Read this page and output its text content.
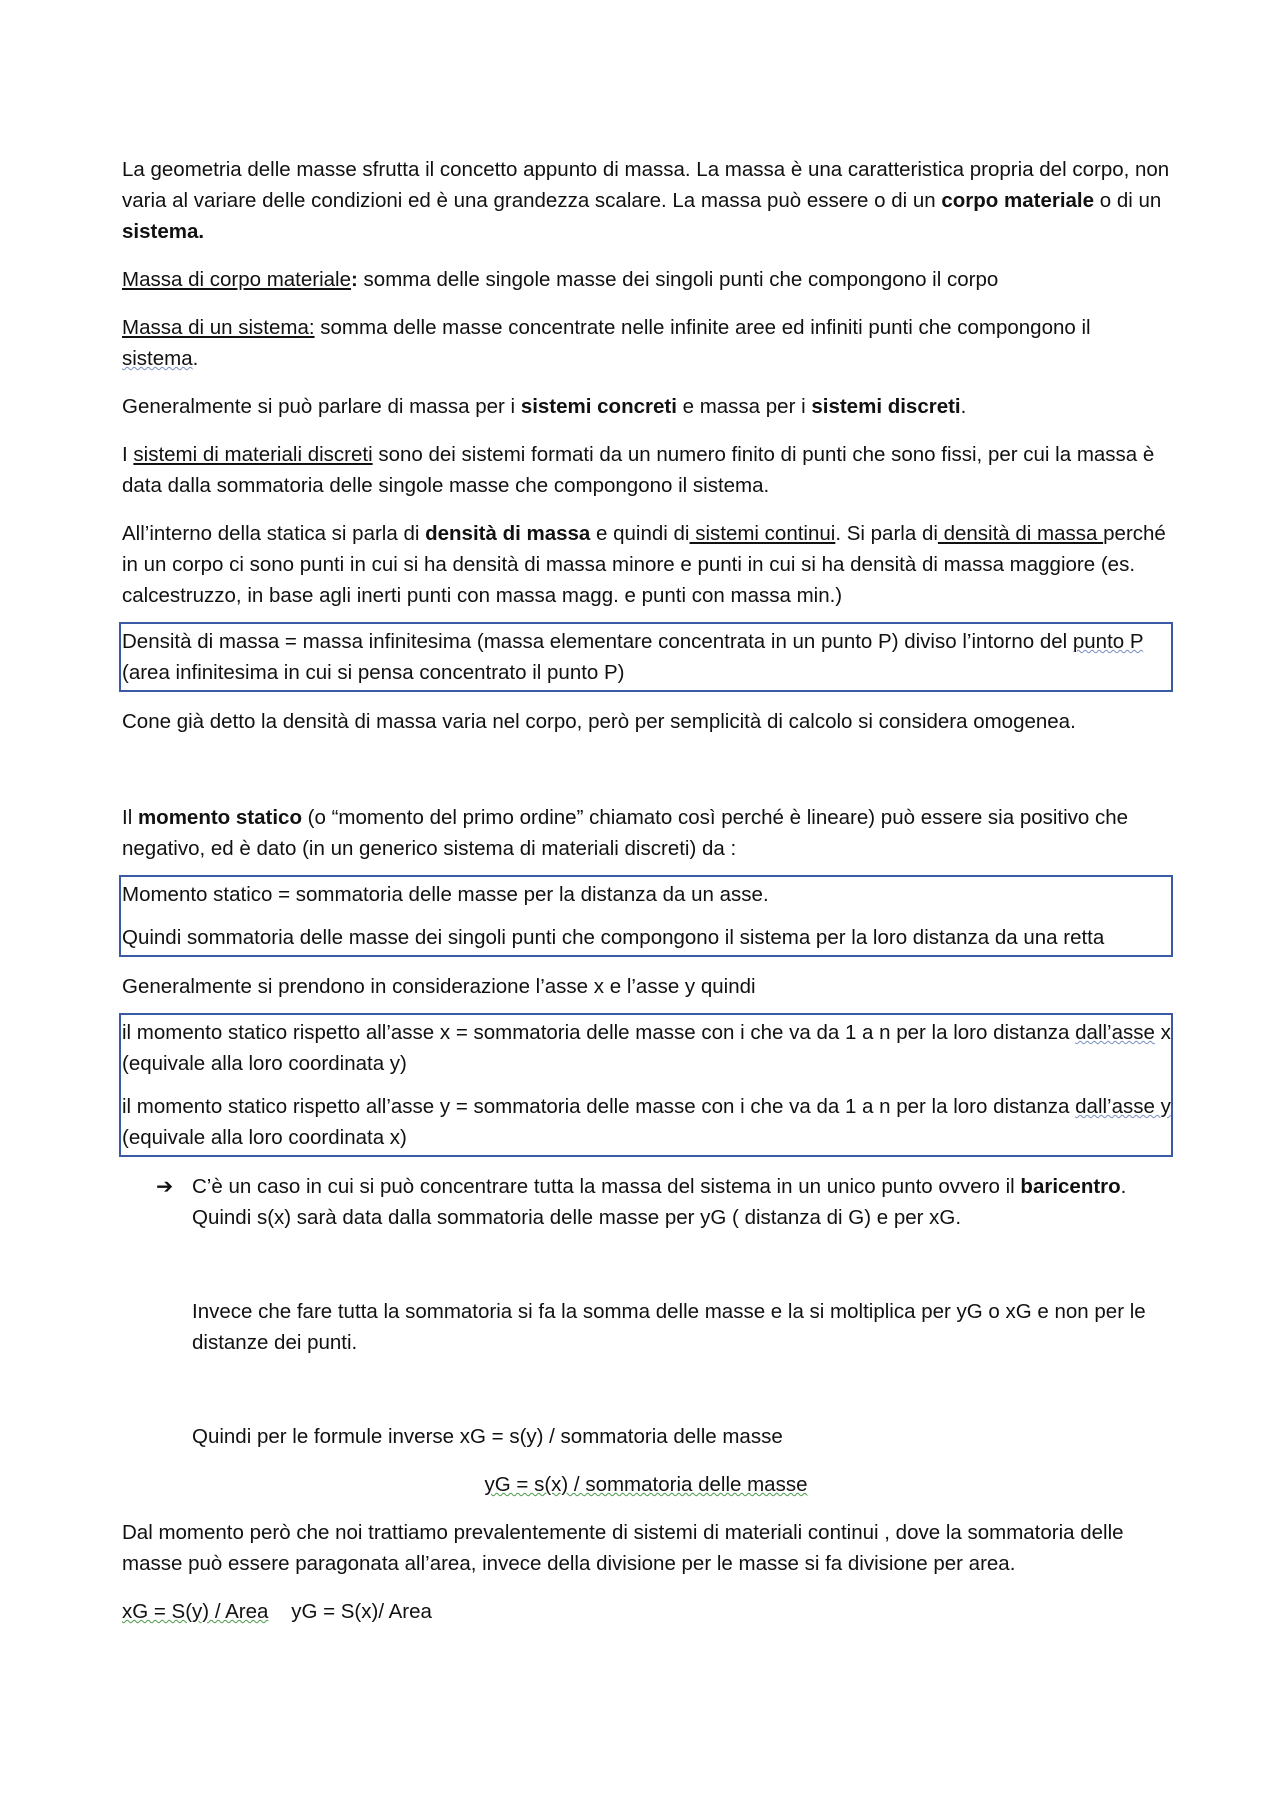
La geometria delle masse sfrutta il concetto appunto di massa. La massa è una caratteristica propria del corpo, non varia al variare delle condizioni ed è una grandezza scalare. La massa può essere o di un corpo materiale o di un sistema.

Massa di corpo materiale: somma delle singole masse dei singoli punti che compongono il corpo

Massa di un sistema: somma delle masse concentrate nelle infinite aree ed infiniti punti che compongono il sistema.

Generalmente si può parlare di massa per i sistemi concreti e massa per i sistemi discreti.

I sistemi di materiali discreti sono dei sistemi formati da un numero finito di punti che sono fissi, per cui la massa è data dalla sommatoria delle singole masse che compongono il sistema.

All’interno della statica si parla di densità di massa e quindi di sistemi continui. Si parla di densità di massa perché in un corpo ci sono punti in cui si ha densità di massa minore e punti in cui si ha densità di massa maggiore (es. calcestruzzo, in base agli inerti punti con massa magg. e punti con massa min.)

Densità di massa = massa infinitesima (massa elementare concentrata in un punto P) diviso l’intorno del punto P (area infinitesima in cui si pensa concentrato il punto P)

Cone già detto la densità di massa varia nel corpo, però per semplicità di calcolo si considera omogenea.

Il momento statico (o “momento del primo ordine” chiamato così perché è lineare) può essere sia positivo che negativo, ed è dato (in un generico sistema di materiali discreti) da :

Momento statico = sommatoria delle masse per la distanza da un asse.

Quindi sommatoria delle masse dei singoli punti che compongono il sistema per la loro distanza da una retta

Generalmente si prendono in considerazione l’asse x e l’asse y quindi

il momento statico rispetto all’asse x = sommatoria delle masse con i che va da 1 a n per la loro distanza dall’asse x (equivale alla loro coordinata y)

il momento statico rispetto all’asse y = sommatoria delle masse con i che va da 1 a n per la loro distanza dall’asse y (equivale alla loro coordinata x)

➔ C’è un caso in cui si può concentrare tutta la massa del sistema in un unico punto ovvero il baricentro. Quindi s(x) sarà data dalla sommatoria delle masse per yG ( distanza di G) e per xG.

Invece che fare tutta la sommatoria si fa la somma delle masse e la si moltiplica per yG o xG e non per le distanze dei punti.

Quindi per le formule inverse xG = s(y) / sommatoria delle masse

yG = s(x) / sommatoria delle masse

Dal momento però che noi trattiamo prevalentemente di sistemi di materiali continui , dove la sommatoria delle masse può essere paragonata all’area, invece della divisione per le masse si fa divisione per area.

xG = S(y) / Area    yG = S(x)/ Area
